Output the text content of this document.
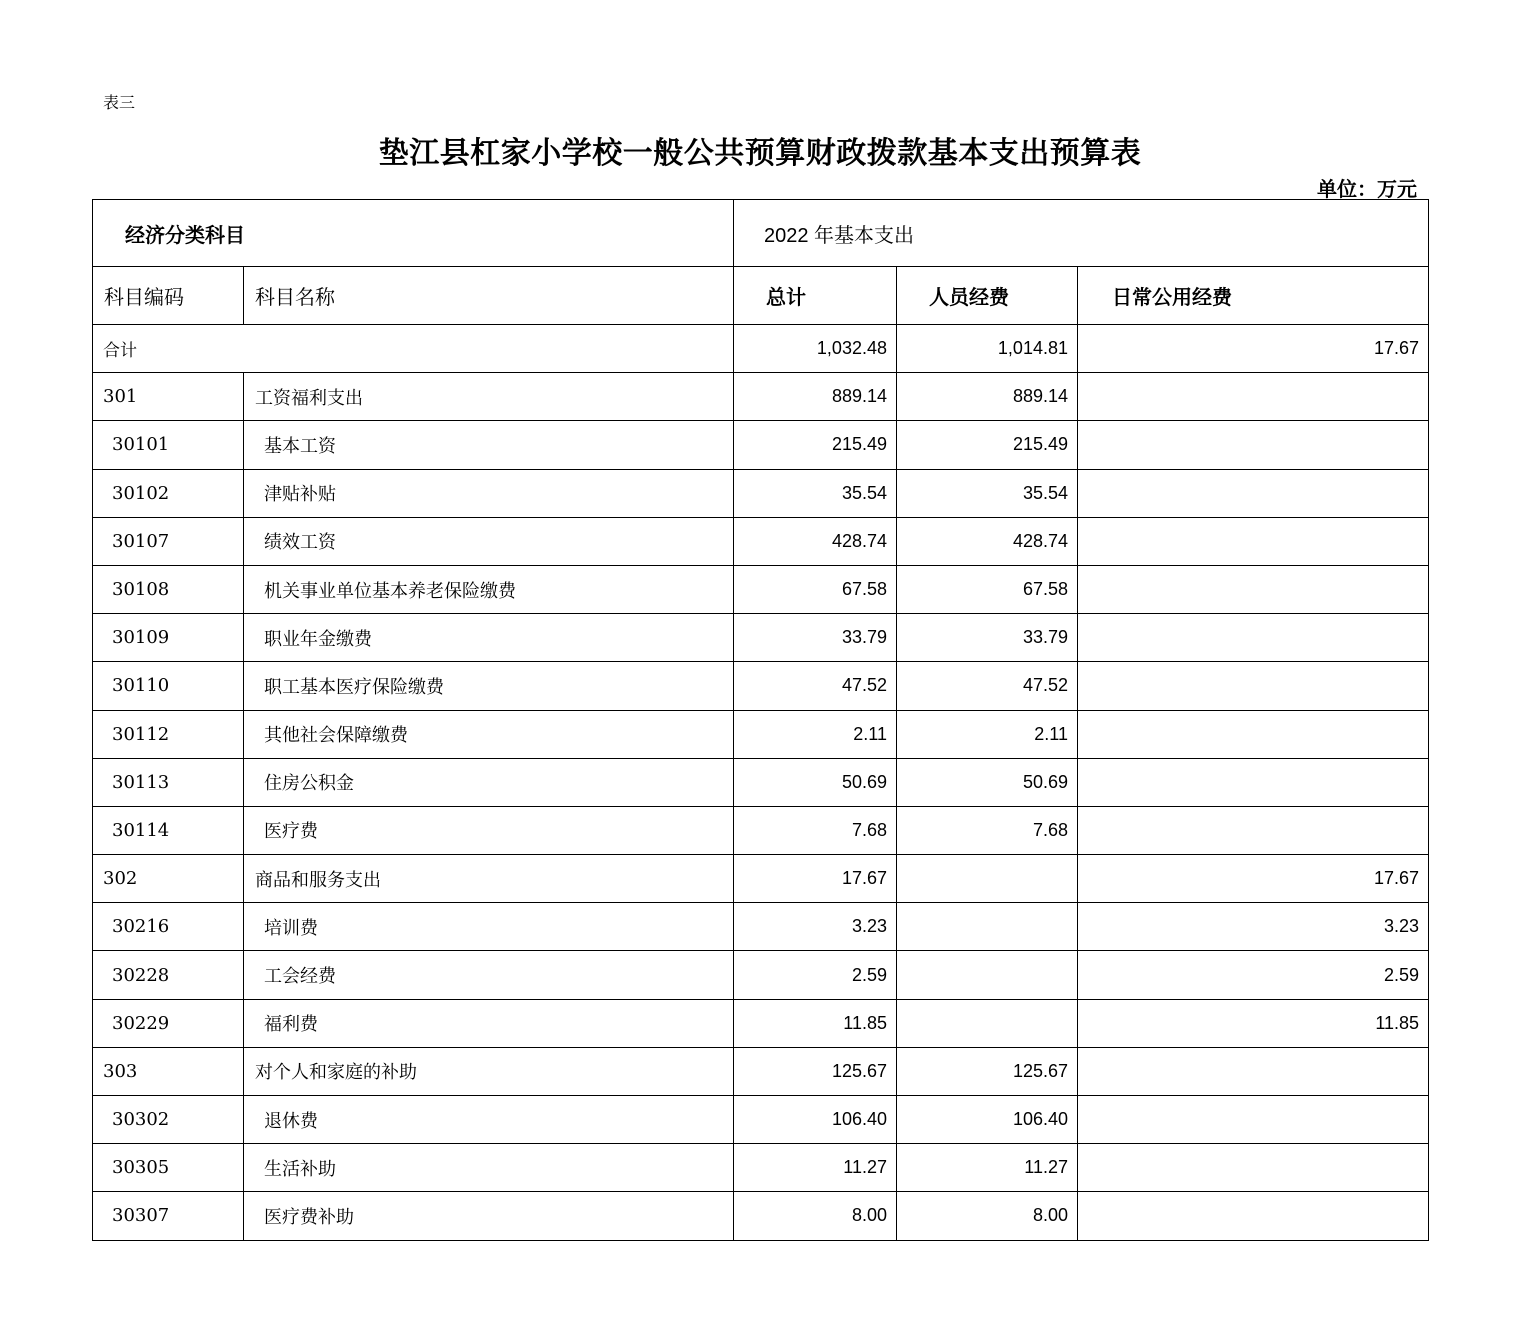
表三
垫江县杠家小学校一般公共预算财政拨款基本支出预算表
单位：万元
经济分类科目		2022 年基本支出		
科目编码	科目名称	总计	人员经费	日常公用经费
合计		1,032.48	1,014.81	17.67
301	工资福利支出	889.14	889.14	
30101	基本工资	215.49	215.49	
30102	津贴补贴	35.54	35.54	
30107	绩效工资	428.74	428.74	
30108	机关事业单位基本养老保险缴费	67.58	67.58	
30109	职业年金缴费	33.79	33.79	
30110	职工基本医疗保险缴费	47.52	47.52	
30112	其他社会保障缴费	2.11	2.11	
30113	住房公积金	50.69	50.69	
30114	医疗费	7.68	7.68	
302	商品和服务支出	17.67		17.67
30216	培训费	3.23		3.23
30228	工会经费	2.59		2.59
30229	福利费	11.85		11.85
303	对个人和家庭的补助	125.67	125.67	
30302	退休费	106.40	106.40	
30305	生活补助	11.27	11.27	
30307	医疗费补助	8.00	8.00	
